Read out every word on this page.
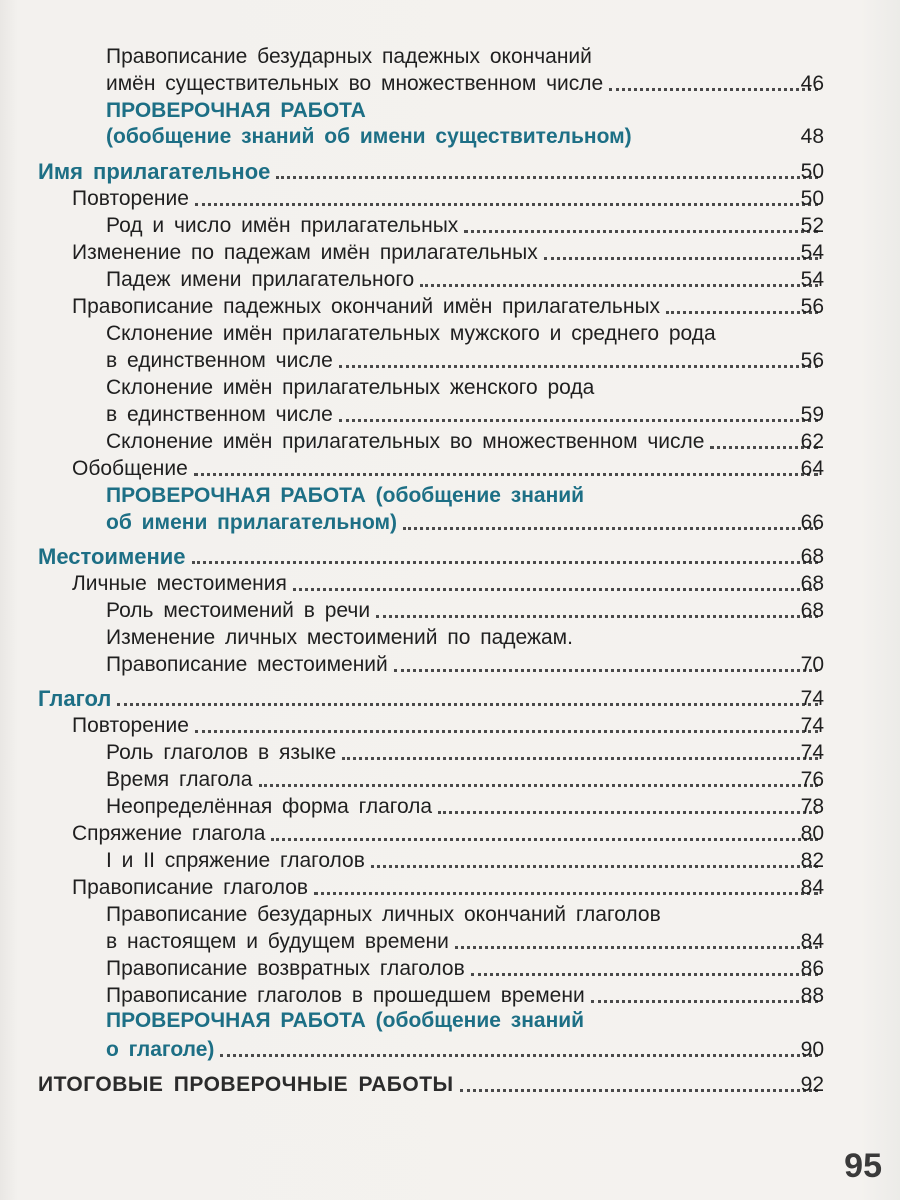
Правописание безударных падежных окончаний
имён существительных во множественном числе	46
ПРОВЕРОЧНАЯ РАБОТА
(обобщение знаний об имени существительном)	48
Имя прилагательное	50
Повторение	50
Род и число имён прилагательных	52
Изменение по падежам имён прилагательных	54
Падеж имени прилагательного	54
Правописание падежных окончаний имён прилагательных	56
Склонение имён прилагательных мужского и среднего рода
в единственном числе	56
Склонение имён прилагательных женского рода
в единственном числе	59
Склонение имён прилагательных во множественном числе	62
Обобщение	64
ПРОВЕРОЧНАЯ РАБОТА (обобщение знаний
об имени прилагательном)	66
Местоимение	68
Личные местоимения	68
Роль местоимений в речи	68
Изменение личных местоимений по падежам.
Правописание местоимений	70
Глагол	74
Повторение	74
Роль глаголов в языке	74
Время глагола	76
Неопределённая форма глагола	78
Спряжение глагола	80
I и II спряжение глаголов	82
Правописание глаголов	84
Правописание безударных личных окончаний глаголов
в настоящем и будущем времени	84
Правописание возвратных глаголов	86
Правописание глаголов в прошедшем времени	88
ПРОВЕРОЧНАЯ РАБОТА (обобщение знаний
о глаголе)	90
ИТОГОВЫЕ ПРОВЕРОЧНЫЕ РАБОТЫ	92
95
